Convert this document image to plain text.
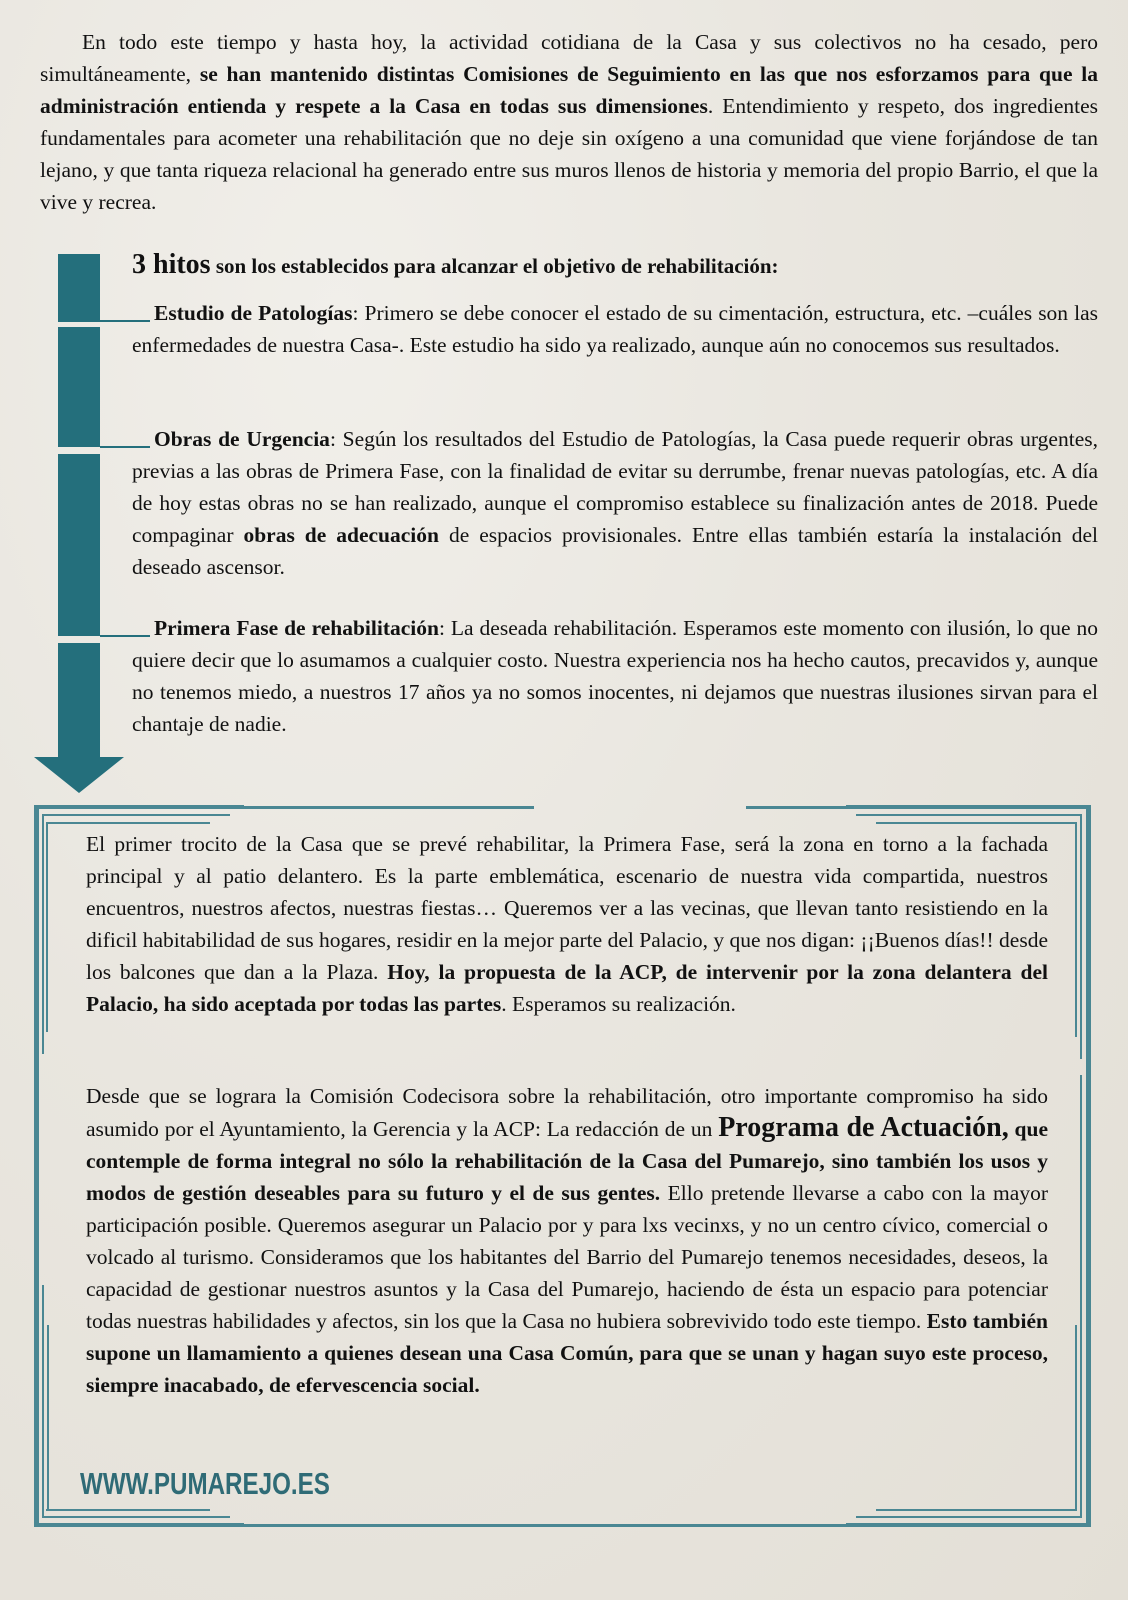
En todo este tiempo y hasta hoy, la actividad cotidiana de la Casa y sus colectivos no ha cesado, pero simultáneamente, se han mantenido distintas Comisiones de Seguimiento en las que nos esforzamos para que la administración entienda y respete a la Casa en todas sus dimensiones. Entendimiento y respeto, dos ingredientes fundamentales para acometer una rehabilitación que no deje sin oxígeno a una comunidad que viene forjándose de tan lejano, y que tanta riqueza relacional ha generado entre sus muros llenos de historia y memoria del propio Barrio, el que la vive y recrea.

3 hitos son los establecidos para alcanzar el objetivo de rehabilitación:

Estudio de Patologías: Primero se debe conocer el estado de su cimentación, estructura, etc. –cuáles son las enfermedades de nuestra Casa-. Este estudio ha sido ya realizado, aunque aún no conocemos sus resultados.

Obras de Urgencia: Según los resultados del Estudio de Patologías, la Casa puede requerir obras urgentes, previas a las obras de Primera Fase, con la finalidad de evitar su derrumbe, frenar nuevas patologías, etc. A día de hoy estas obras no se han realizado, aunque el compromiso establece su finalización antes de 2018. Puede compaginar obras de adecuación de espacios provisionales. Entre ellas también estaría la instalación del deseado ascensor.

Primera Fase de rehabilitación: La deseada rehabilitación. Esperamos este momento con ilusión, lo que no quiere decir que lo asumamos a cualquier costo. Nuestra experiencia nos ha hecho cautos, precavidos y, aunque no tenemos miedo, a nuestros 17 años ya no somos inocentes, ni dejamos que nuestras ilusiones sirvan para el chantaje de nadie.

El primer trocito de la Casa que se prevé rehabilitar, la Primera Fase, será la zona en torno a la fachada principal y al patio delantero. Es la parte emblemática, escenario de nuestra vida compartida, nuestros encuentros, nuestros afectos, nuestras fiestas… Queremos ver a las vecinas, que llevan tanto resistiendo en la dificil habitabilidad de sus hogares, residir en la mejor parte del Palacio, y que nos digan: ¡¡Buenos días!! desde los balcones que dan a la Plaza. Hoy, la propuesta de la ACP, de intervenir por la zona delantera del Palacio, ha sido aceptada por todas las partes. Esperamos su realización.

Desde que se lograra la Comisión Codecisora sobre la rehabilitación, otro importante compromiso ha sido asumido por el Ayuntamiento, la Gerencia y la ACP: La redacción de un Programa de Actuación, que contemple de forma integral no sólo la rehabilitación de la Casa del Pumarejo, sino también los usos y modos de gestión deseables para su futuro y el de sus gentes. Ello pretende llevarse a cabo con la mayor participación posible. Queremos asegurar un Palacio por y para lxs vecinxs, y no un centro cívico, comercial o volcado al turismo. Consideramos que los habitantes del Barrio del Pumarejo tenemos necesidades, deseos, la capacidad de gestionar nuestros asuntos y la Casa del Pumarejo, haciendo de ésta un espacio para potenciar todas nuestras habilidades y afectos, sin los que la Casa no hubiera sobrevivido todo este tiempo. Esto también supone un llamamiento a quienes desean una Casa Común, para que se unan y hagan suyo este proceso, siempre inacabado, de efervescencia social.

WWW.PUMAREJO.ES
